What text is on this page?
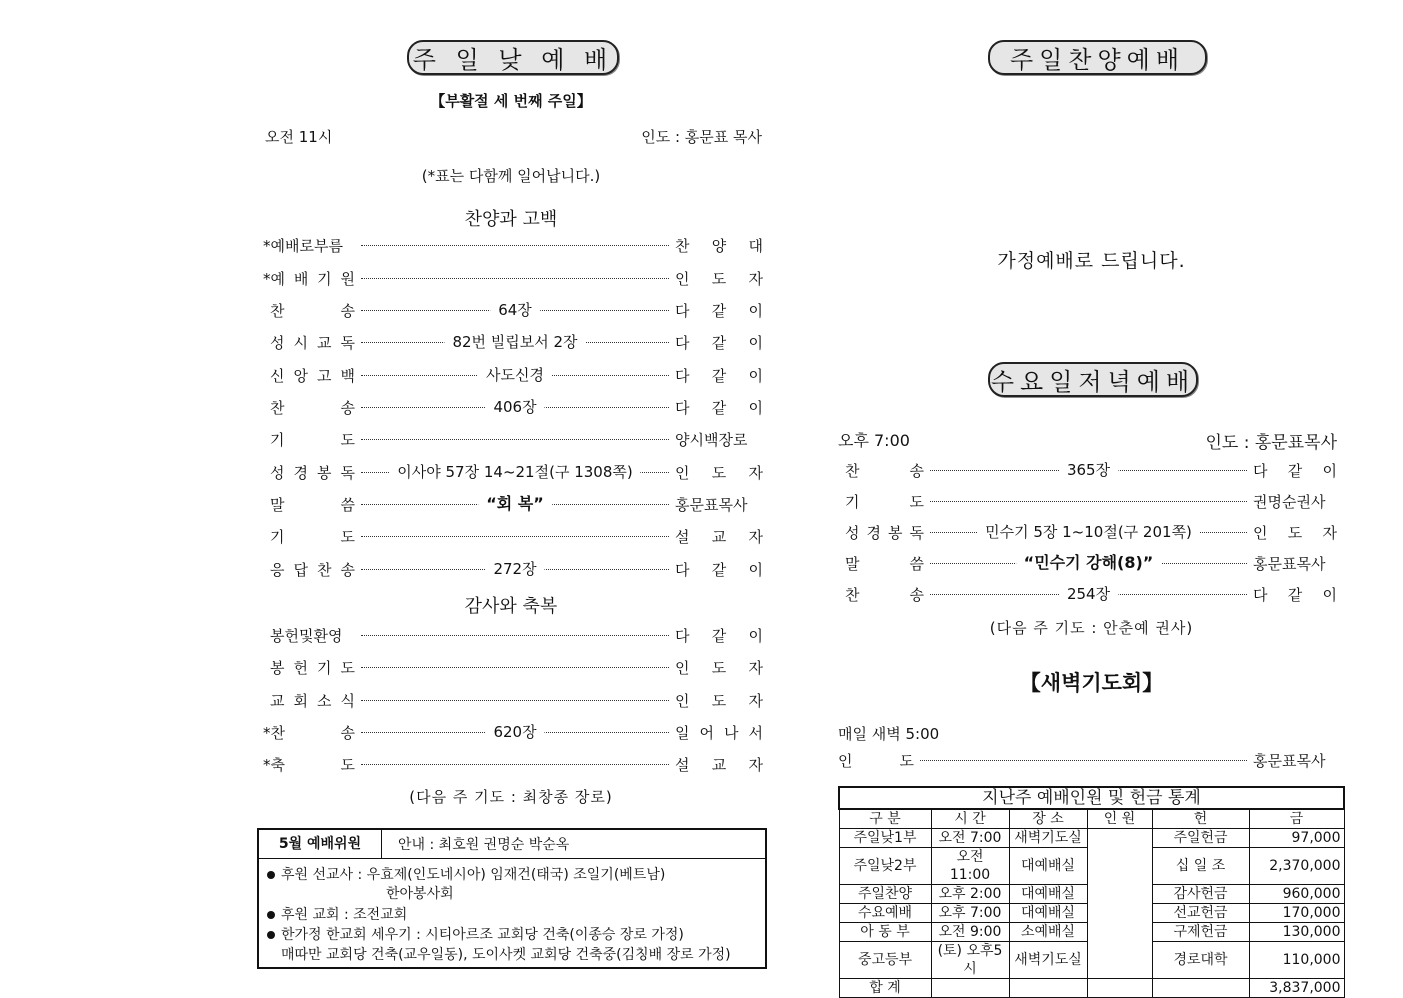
주 일 낮 예 배
【부활절 세 번째 주일】
오전 11시	인도 : 홍문표 목사
(*표는 다함께 일어납니다.)
찬양과 고백
*예배로부름	찬 양 대
*예 배 기 원	인 도 자
찬 송	64장	다 같 이
성 시 교 독	82번 빌립보서 2장	다 같 이
신 앙 고 백	사도신경	다 같 이
찬 송	406장	다 같 이
기 도	양시백장로
성 경 봉 독	이사야 57장 14~21절(구 1308쪽)	인 도 자
말 씀	“회 복”	홍문표목사
기 도	설 교 자
응 답 찬 송	272장	다 같 이
감사와 축복
봉헌및환영	다 같 이
봉 헌 기 도	인 도 자
교 회 소 식	인 도 자
*찬 송	620장	일 어 나 서
*축 도	설 교 자
(다음 주 기도 : 최창종 장로)
5월 예배위원	안내 : 최호원 권명순 박순옥
후원 선교사 : 우효제(인도네시아) 임재건(태국) 조일기(베트남)
한아봉사회
후원 교회 : 조전교회
한가정 한교회 세우기 : 시티아르조 교회당 건축(이종승 장로 가정)
매따만 교회당 건축(교우일동), 도이사켓 교회당 건축중(김칭배 장로 가정)
주일찬양예배
가정예배로 드립니다.
수요일저녁예배
오후 7:00	인도 : 홍문표목사
찬 송	365장	다 같 이
기 도	권명순권사
성 경 봉 독	민수기 5장 1~10절(구 201쪽)	인 도 자
말 씀	“민수기 강해(8)”	홍문표목사
찬 송	254장	다 같 이
(다음 주 기도 : 안춘예 권사)
【새벽기도회】
매일 새벽 5:00
인 도	홍문표목사
지난주 예배인원 및 헌금 통계					
구 분	시 간	장 소	인 원	헌	금
주일낮1부	오전 7:00	새벽기도실		주일헌금	97,000
주일낮2부	오전 11:00	대예배실		십 일 조	2,370,000
주일찬양	오후 2:00	대예배실		감사헌금	960,000
수요예배	오후 7:00	대예배실		선교헌금	170,000
아 동 부	오전 9:00	소예배실		구제헌금	130,000
중고등부	(토) 오후5시	새벽기도실		경로대학	110,000
합 계					3,837,000
